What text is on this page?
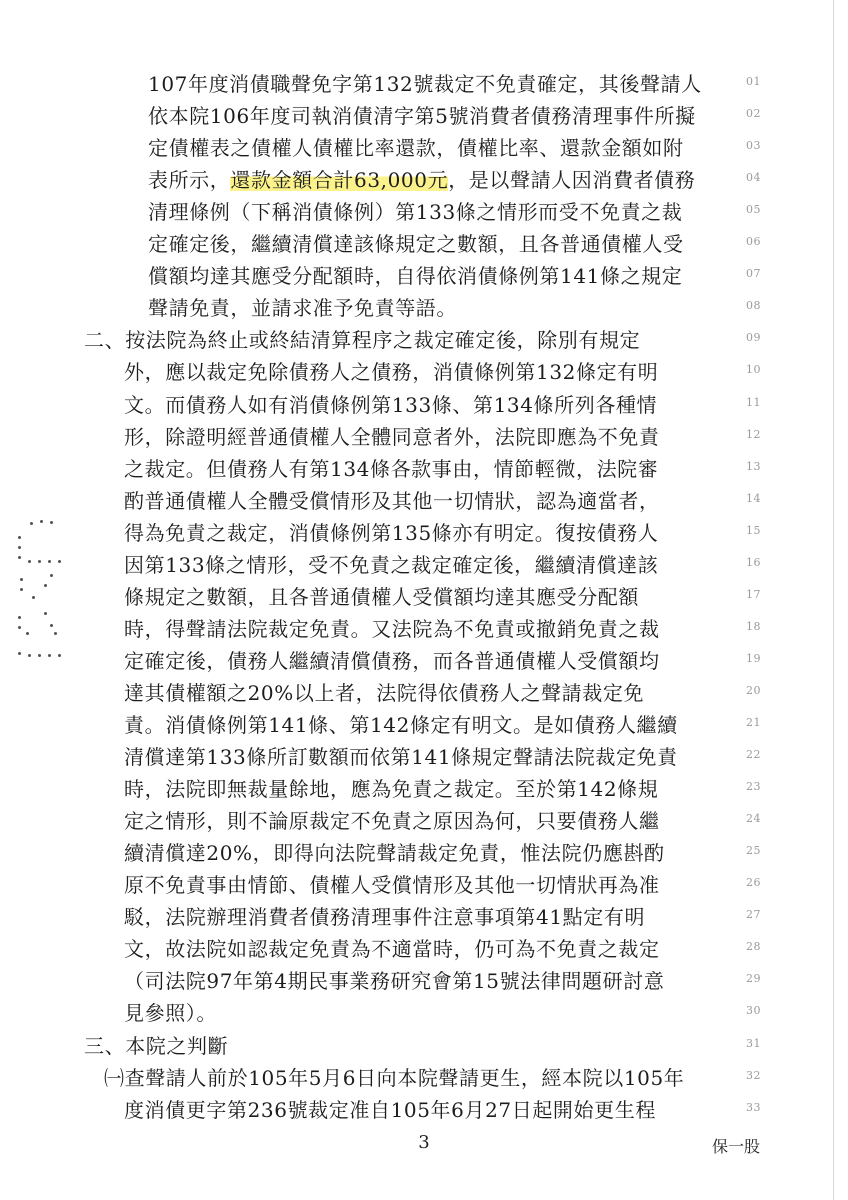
107年度消債職聲免字第132號裁定不免責確定，其後聲請人	01
依本院106年度司執消債清字第5號消費者債務清理事件所擬	02
定債權表之債權人債權比率還款，債權比率、還款金額如附	03
表所示，還款金額合計63,000元，是以聲請人因消費者債務	04
清理條例（下稱消債條例）第133條之情形而受不免責之裁	05
定確定後，繼續清償達該條規定之數額，且各普通債權人受	06
償額均達其應受分配額時，自得依消債條例第141條之規定	07
聲請免責，並請求准予免責等語。	08
二、按法院為終止或終結清算程序之裁定確定後，除別有規定	09
外，應以裁定免除債務人之債務，消債條例第132條定有明	10
文。而債務人如有消債條例第133條、第134條所列各種情	11
形，除證明經普通債權人全體同意者外，法院即應為不免責	12
之裁定。但債務人有第134條各款事由，情節輕微，法院審	13
酌普通債權人全體受償情形及其他一切情狀，認為適當者，	14
得為免責之裁定，消債條例第135條亦有明定。復按債務人	15
因第133條之情形，受不免責之裁定確定後，繼續清償達該	16
條規定之數額，且各普通債權人受償額均達其應受分配額	17
時，得聲請法院裁定免責。又法院為不免責或撤銷免責之裁	18
定確定後，債務人繼續清償債務，而各普通債權人受償額均	19
達其債權額之20%以上者，法院得依債務人之聲請裁定免	20
責。消債條例第141條、第142條定有明文。是如債務人繼續	21
清償達第133條所訂數額而依第141條規定聲請法院裁定免責	22
時，法院即無裁量餘地，應為免責之裁定。至於第142條規	23
定之情形，則不論原裁定不免責之原因為何，只要債務人繼	24
續清償達20%，即得向法院聲請裁定免責，惟法院仍應斟酌	25
原不免責事由情節、債權人受償情形及其他一切情狀再為准	26
駁，法院辦理消費者債務清理事件注意事項第41點定有明	27
文，故法院如認裁定免責為不適當時，仍可為不免責之裁定	28
（司法院97年第4期民事業務研究會第15號法律問題研討意	29
見參照）。	30
三、本院之判斷	31
㈠查聲請人前於105年5月6日向本院聲請更生，經本院以105年	32
度消債更字第236號裁定准自105年6月27日起開始更生程	33
3	保一股
